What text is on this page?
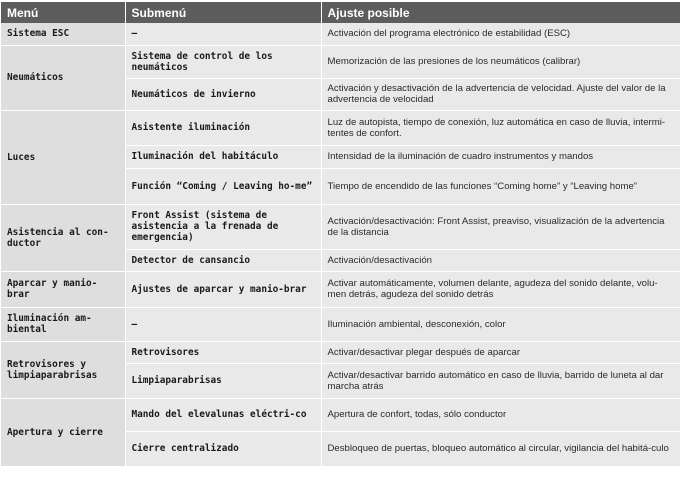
Menú	Submenú	Ajuste posible
Sistema ESC	–	Activación del programa electrónico de estabilidad (ESC)
Neumáticos	Sistema de control de los neumáticos	Memorización de las presiones de los neumáticos (calibrar)
	Neumáticos de invierno	Activación y desactivación de la advertencia de velocidad. Ajuste del valor de la advertencia de velocidad
Luces	Asistente iluminación	Luz de autopista, tiempo de conexión, luz automática en caso de lluvia, intermi-tentes de confort.
	Iluminación del habitáculo	Intensidad de la iluminación de cuadro instrumentos y mandos
	Función “Coming / Leaving ho-me”	Tiempo de encendido de las funciones “Coming home” y “Leaving home”
Asistencia al con-ductor	Front Assist (sistema de asistencia a la frenada de emergencia)	Activación/desactivación: Front Assist, preaviso, visualización de la advertencia de la distancia
	Detector de cansancio	Activación/desactivación
Aparcar y manio-brar	Ajustes de aparcar y manio-brar	Activar automáticamente, volumen delante, agudeza del sonido delante, volu-men detrás, agudeza del sonido detrás
Iluminación am-biental	–	Iluminación ambiental, desconexión, color
Retrovisores y limpiaparabrisas	Retrovisores	Activar/desactivar plegar después de aparcar
	Limpiaparabrisas	Activar/desactivar barrido automático en caso de lluvia, barrido de luneta al dar marcha atrás
Apertura y cierre	Mando del elevalunas eléctri-co	Apertura de confort, todas, sólo conductor
	Cierre centralizado	Desbloqueo de puertas, bloqueo automático al circular, vigilancia del habitá-culo
